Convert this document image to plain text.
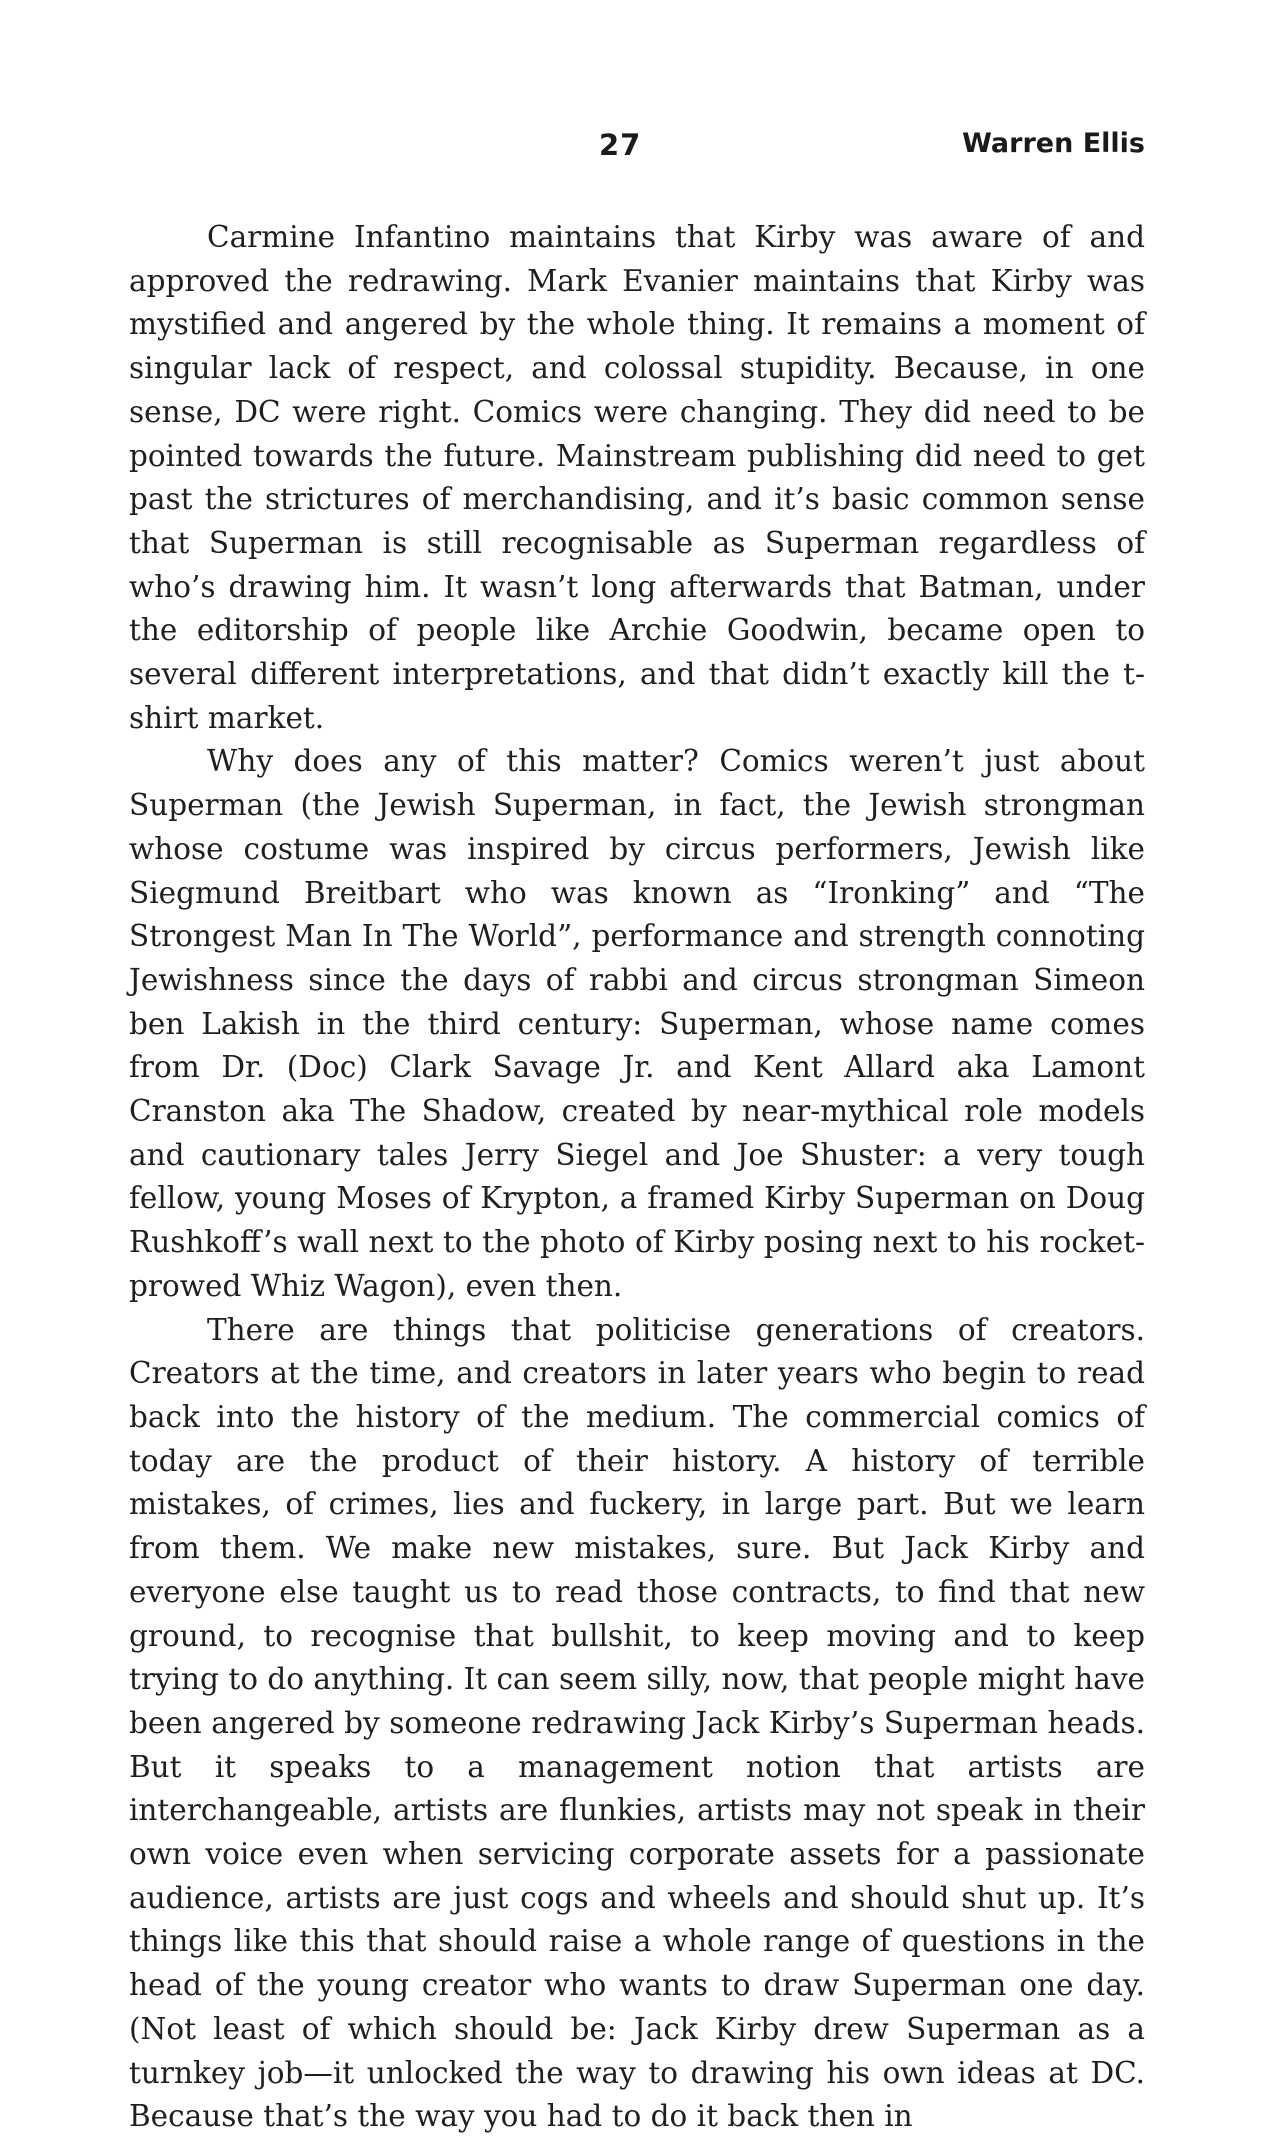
27	Warren Ellis

Carmine Infantino maintains that Kirby was aware of and approved the redrawing. Mark Evanier maintains that Kirby was mystified and angered by the whole thing. It remains a moment of singular lack of respect, and colossal stupidity. Because, in one sense, DC were right. Comics were changing. They did need to be pointed towards the future. Mainstream publishing did need to get past the strictures of merchandising, and it’s basic common sense that Superman is still recognisable as Superman regardless of who’s drawing him. It wasn’t long afterwards that Batman, under the editorship of people like Archie Goodwin, became open to several different interpretations, and that didn’t exactly kill the t-shirt market.

Why does any of this matter? Comics weren’t just about Superman (the Jewish Superman, in fact, the Jewish strongman whose costume was inspired by circus performers, Jewish like Siegmund Breitbart who was known as “Ironking” and “The Strongest Man In The World”, performance and strength connoting Jewishness since the days of rabbi and circus strongman Simeon ben Lakish in the third century: Superman, whose name comes from Dr. (Doc) Clark Savage Jr. and Kent Allard aka Lamont Cranston aka The Shadow, created by near-mythical role models and cautionary tales Jerry Siegel and Joe Shuster: a very tough fellow, young Moses of Krypton, a framed Kirby Superman on Doug Rushkoff’s wall next to the photo of Kirby posing next to his rocket-prowed Whiz Wagon), even then.

There are things that politicise generations of creators. Creators at the time, and creators in later years who begin to read back into the history of the medium. The commercial comics of today are the product of their history. A history of terrible mistakes, of crimes, lies and fuckery, in large part. But we learn from them. We make new mistakes, sure. But Jack Kirby and everyone else taught us to read those contracts, to find that new ground, to recognise that bullshit, to keep moving and to keep trying to do anything. It can seem silly, now, that people might have been angered by someone redrawing Jack Kirby’s Superman heads. But it speaks to a management notion that artists are interchangeable, artists are flunkies, artists may not speak in their own voice even when servicing corporate assets for a passionate audience, artists are just cogs and wheels and should shut up. It’s things like this that should raise a whole range of questions in the head of the young creator who wants to draw Superman one day. (Not least of which should be: Jack Kirby drew Superman as a turnkey job—it unlocked the way to drawing his own ideas at DC. Because that’s the way you had to do it back then in
